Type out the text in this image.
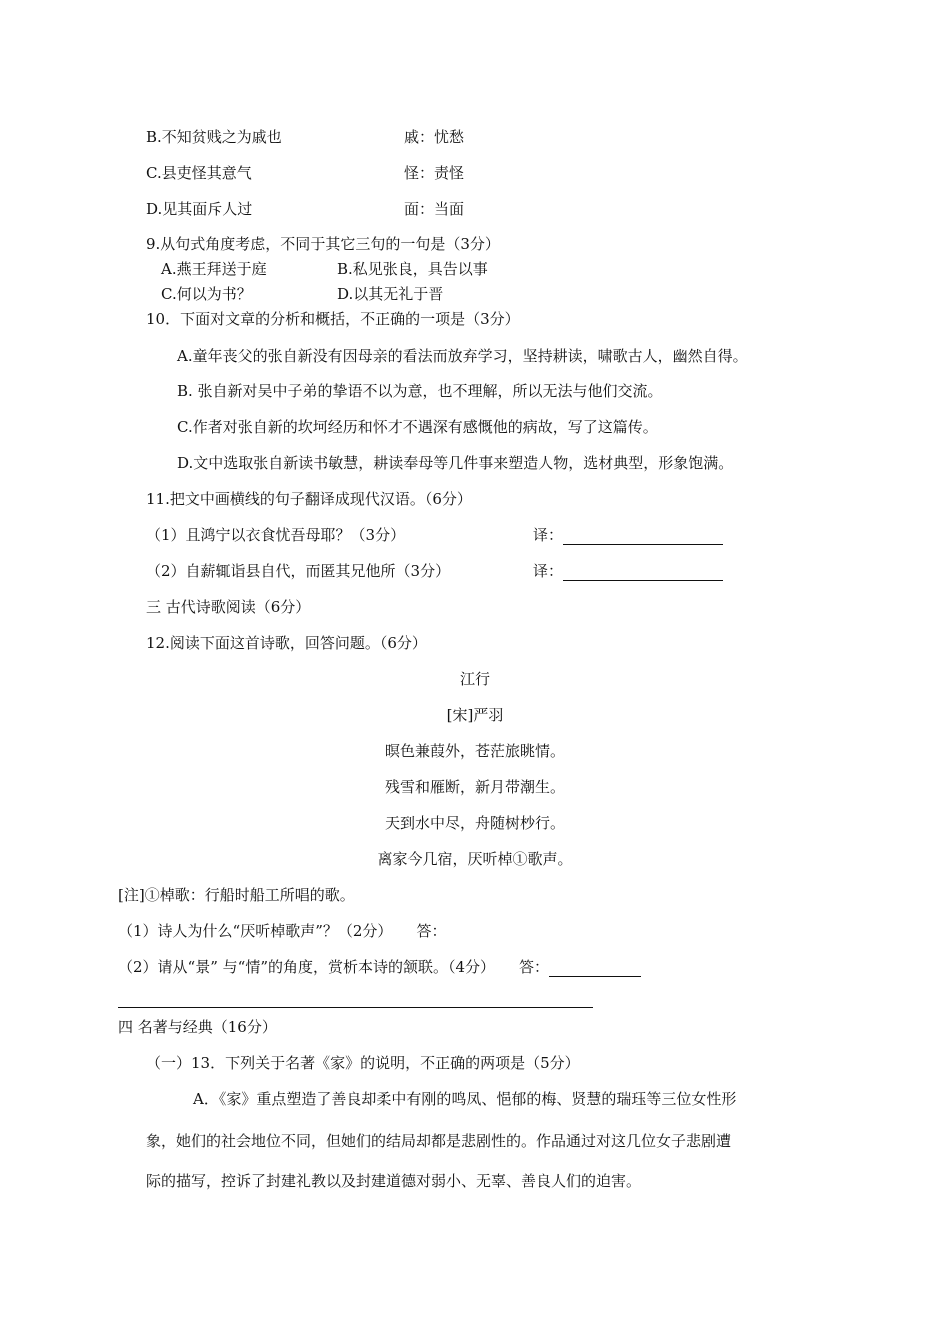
B.不知贫贱之为戚也	戚：忧愁
C.县吏怪其意气	怪：责怪
D.见其面斥人过	面：当面
9.从句式角度考虑，不同于其它三句的一句是（3分）
A.燕王拜送于庭	B.私见张良，具告以事
C.何以为书？	D.以其无礼于晋
10．下面对文章的分析和概括，不正确的一项是（3分）
A.童年丧父的张自新没有因母亲的看法而放弃学习，坚持耕读，啸歌古人，幽然自得。
B. 张自新对吴中子弟的挚语不以为意，也不理解，所以无法与他们交流。
C.作者对张自新的坎坷经历和怀才不遇深有感慨他的病故，写了这篇传。
D.文中选取张自新读书敏慧，耕读奉母等几件事来塑造人物，选材典型，形象饱满。
11.把文中画横线的句子翻译成现代汉语。（6分）
（1）且鸿宁以衣食忧吾母耶？（3分）	译：
（2）自薪辄诣县自代，而匿其兄他所（3分）	译：
三 古代诗歌阅读（6分）
12.阅读下面这首诗歌，回答问题。（6分）
江行
[宋]严羽
暝色兼葭外，苍茫旅眺情。
残雪和雁断，新月带潮生。
天到水中尽，舟随树杪行。
离家今几宿，厌听棹①歌声。
[注]①棹歌：行船时船工所唱的歌。
（1）诗人为什么“厌听棹歌声”？（2分） 答：
（2）请从“景” 与“情”的角度，赏析本诗的颔联。（4分） 答：
四 名著与经典（16分）
（一）13．下列关于名著《家》的说明，不正确的两项是（5分）
A．《家》重点塑造了善良却柔中有刚的鸣凤、悒郁的梅、贤慧的瑞珏等三位女性形
象，她们的社会地位不同，但她们的结局却都是悲剧性的。作品通过对这几位女子悲剧遭
际的描写，控诉了封建礼教以及封建道德对弱小、无辜、善良人们的迫害。
